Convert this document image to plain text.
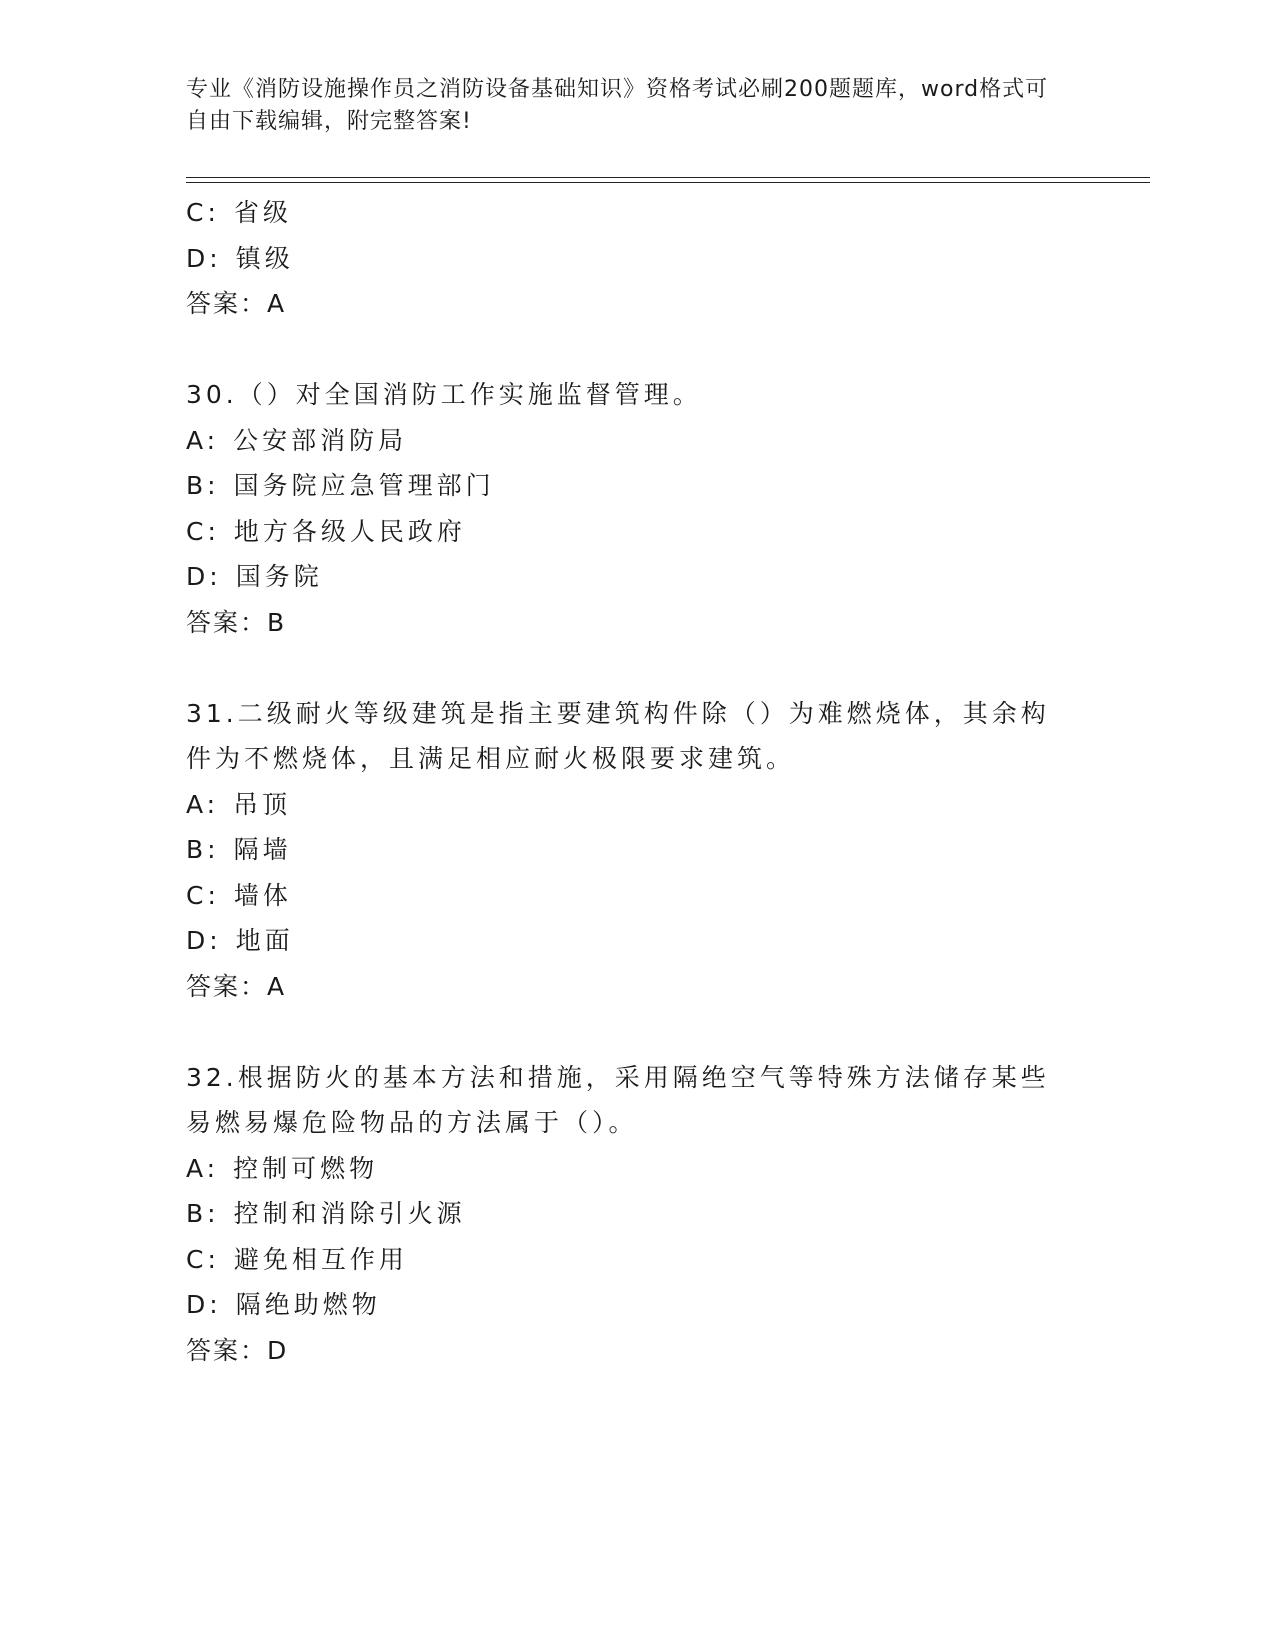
专业《消防设施操作员之消防设备基础知识》资格考试必刷200题题库，word格式可自由下载编辑，附完整答案!
C: 省级
D: 镇级
答案：A
30.（）对全国消防工作实施监督管理。
A: 公安部消防局
B: 国务院应急管理部门
C: 地方各级人民政府
D: 国务院
答案：B
31.二级耐火等级建筑是指主要建筑构件除（）为难燃烧体，其余构件为不燃烧体，且满足相应耐火极限要求建筑。
A: 吊顶
B: 隔墙
C: 墙体
D: 地面
答案：A
32.根据防火的基本方法和措施，采用隔绝空气等特殊方法储存某些易燃易爆危险物品的方法属于（）。
A: 控制可燃物
B: 控制和消除引火源
C: 避免相互作用
D: 隔绝助燃物
答案：D
